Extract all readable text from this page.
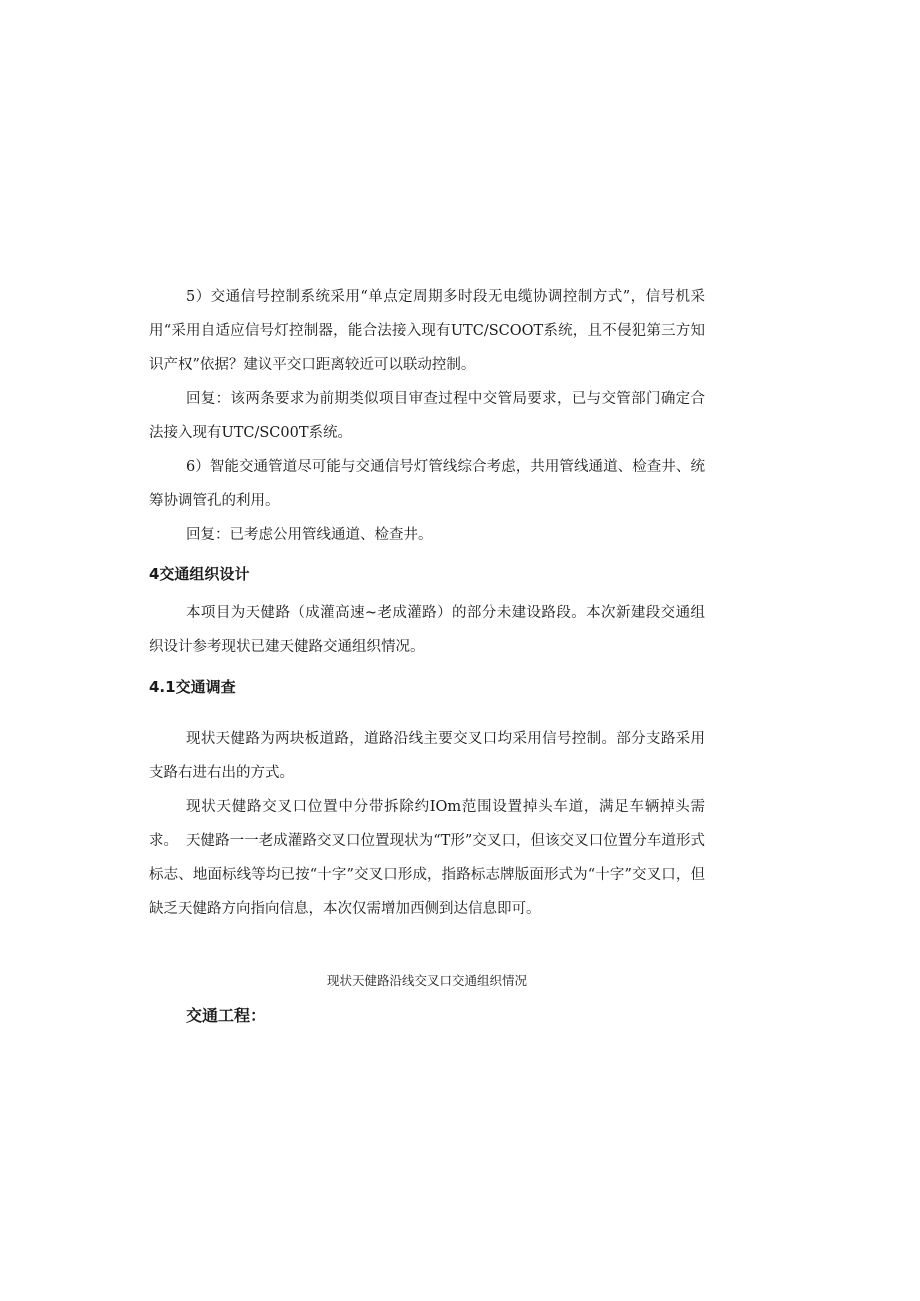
5）交通信号控制系统采用“单点定周期多时段无电缆协调控制方式”，信号机采用“采用自适应信号灯控制器，能合法接入现有UTC/SCOOT系统，且不侵犯第三方知识产权”依据？建议平交口距离较近可以联动控制。

回复：该两条要求为前期类似项目审查过程中交管局要求，已与交管部门确定合法接入现有UTC/SC00T系统。

6）智能交通管道尽可能与交通信号灯管线综合考虑，共用管线通道、检查井、统筹协调管孔的利用。

回复：已考虑公用管线通道、检查井。

4交通组织设计

本项目为天健路（成灌高速~老成灌路）的部分未建设路段。本次新建段交通组织设计参考现状已建天健路交通组织情况。

4.1交通调查

现状天健路为两块板道路，道路沿线主要交叉口均采用信号控制。部分支路采用支路右进右出的方式。

现状天健路交叉口位置中分带拆除约IOm范围设置掉头车道，满足车辆掉头需求。 天健路一一老成灌路交叉口位置现状为“T形”交叉口，但该交叉口位置分车道形式标志、地面标线等均已按“十字”交叉口形成，指路标志牌版面形式为“十字”交叉口，但缺乏天健路方向指向信息，本次仅需增加西侧到达信息即可。

现状天健路沿线交叉口交通组织情况

交通工程：
